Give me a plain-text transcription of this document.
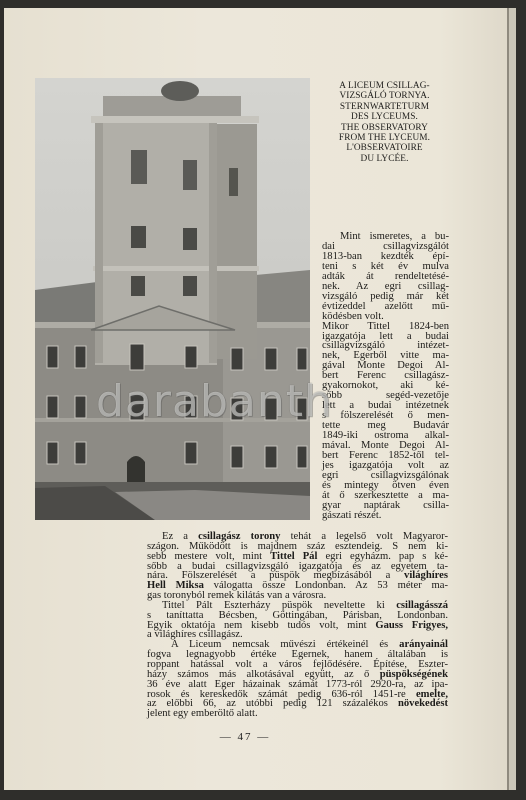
A LICEUM CSILLAG-
VIZSGÁLÓ TORNYA.
STERNWARTETURM
DES LYCEUMS.
THE OBSERVATORY
FROM THE LYCEUM.
L'OBSERVATOIRE
DU LYCÉE.
Mint ismeretes, a bu-
dai csillagvizsgálót
1813-ban kezdték épí-
teni s két év mulva
adták át rendeltetésé-
nek. Az egri csillag-
vizsgáló pedig már két
évtizeddel azelőtt mű-
ködésben volt.
Mikor Tittel 1824-ben
igazgatója lett a budai
csillagvizsgáló intézet-
nek, Egerből vitte ma-
gával Monte Degoi Al-
bert Ferenc csillagász-
gyakornokot, aki ké-
sőbb segéd-vezetője
lett a budai intézetnek
s fölszerelését ő men-
tette meg Budavár
1849-iki ostroma alkal-
mával. Monte Degoi Al-
bert Ferenc 1852-től tel-
jes igazgatója volt az
egri csillagvizsgálónak
és mintegy ötven éven
át ő szerkesztette a ma-
gyar naptárak csilla-
gászati részét.
Ez a csillagász torony tehát a legelső volt Magyaror-
szágon. Működött is majdnem száz esztendeig. S nem ki-
sebb mestere volt, mint Tittel Pál egri egyházm. pap s ké-
sőbb a budai csillagvizsgáló igazgatója és az egyetem ta-
nára. Fölszerelését a püspök megbízásából a világhíres
Hell Miksa válogatta össze Londonban. Az 53 méter ma-
gas toronyból remek kilátás van a városra.
Tittel Pált Eszterházy püspök neveltette ki csillagásszá
s taníttatta Bécsben, Göttingában, Párisban, Londonban.
Egyik oktatója nem kisebb tudós volt, mint Gauss Frigyes,
a világhíres csillagász.
A Liceum nemcsak művészi értékeinél és arányainál
fogva legnagyobb értéke Egernek, hanem általában is
roppant hatással volt a város fejlődésére. Építése, Eszter-
házy számos más alkotásával együtt, az ő püspökségének
36 éve alatt Eger házainak számát 1773-ról 2920-ra, az ipa-
rosok és kereskedők számát pedig 636-ról 1451-re emelte,
az előbbi 66, az utóbbi pedig 121 százalékos növekedést
jelent egy emberöltő alatt.
— 47 —
darabanth
